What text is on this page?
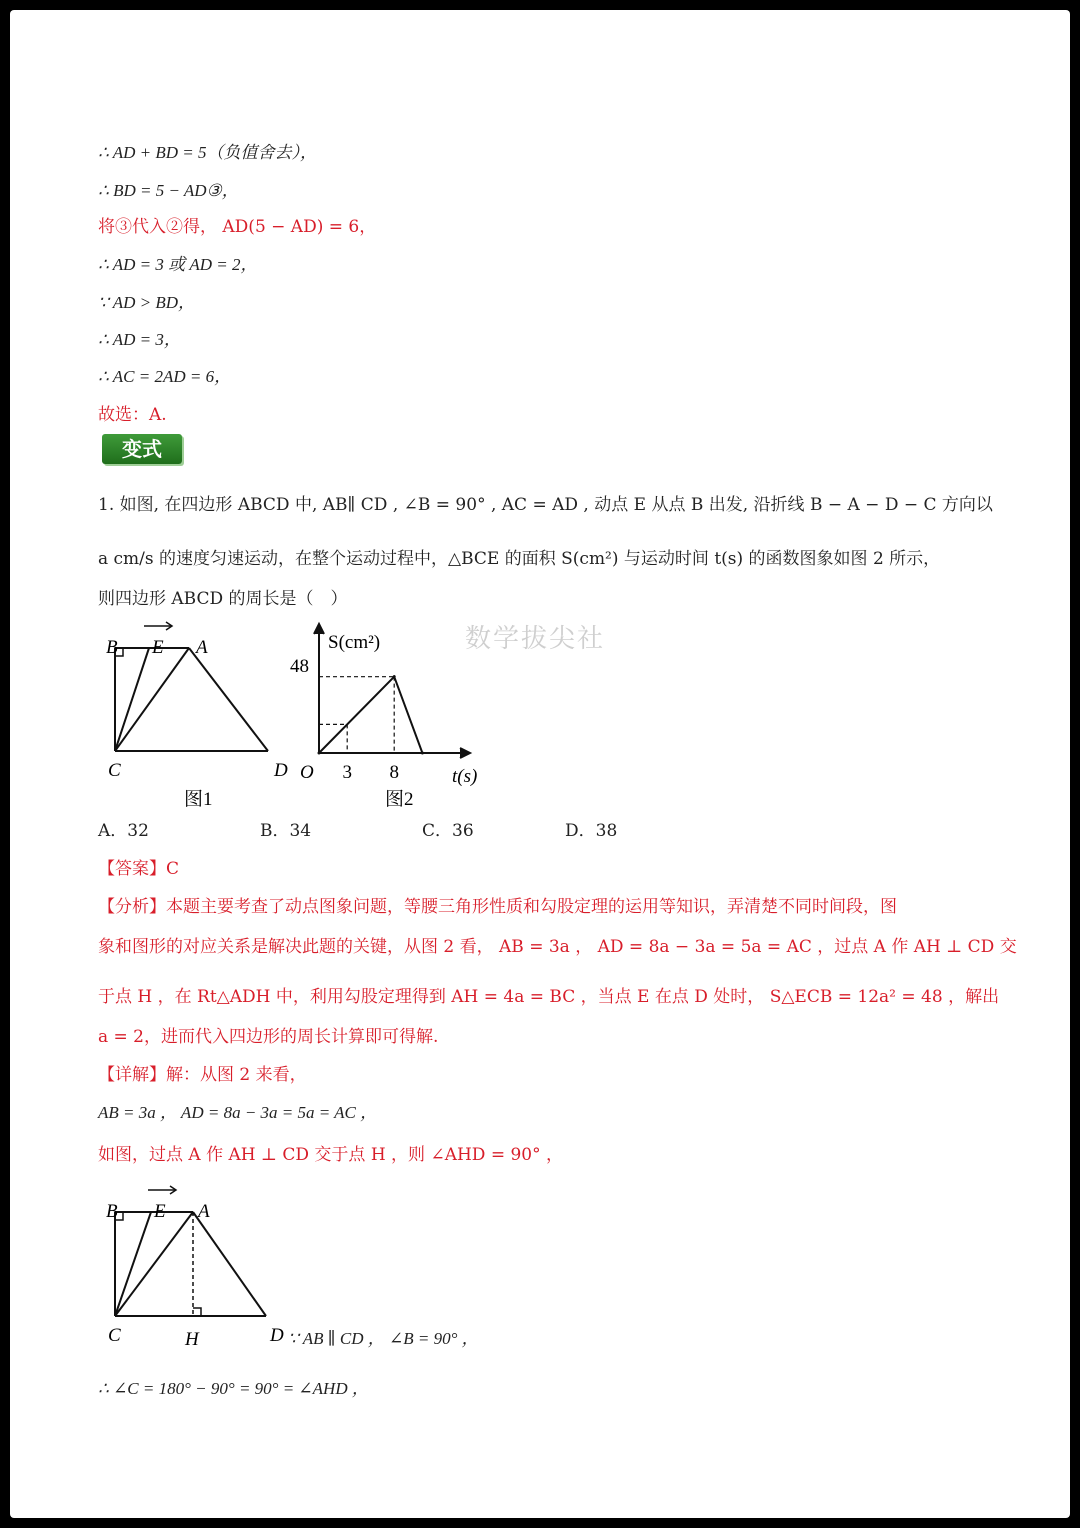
∴ AD + BD = 5（负值舍去），
∴ BD = 5 − AD③，
将③代入②得， AD(5 − AD) = 6，
∴ AD = 3 或 AD = 2，
∵ AD > BD，
∴ AD = 3，
∴ AC = 2AD = 6，
故选：A.
变式
1. 如图, 在四边形 ABCD 中, AB∥ CD , ∠B = 90° , AC = AD , 动点 E 从点 B 出发, 沿折线 B − A − D − C 方向以
a cm/s 的速度匀速运动，在整个运动过程中，△BCE 的面积 S(cm²) 与运动时间 t(s) 的函数图象如图 2 所示，
则四边形 ABCD 的周长是（　）
B E A
C	D
图1
S(cm²)
t(s)
O
48
3 8
图2
数学拔尖社
A．32	B．34	C．36	D．38
【答案】C
【分析】本题主要考查了动点图象问题，等腰三角形性质和勾股定理的运用等知识，弄清楚不同时间段，图
象和图形的对应关系是解决此题的关键，从图 2 看， AB = 3a ， AD = 8a − 3a = 5a = AC ，过点 A 作 AH ⊥ CD 交
于点 H ，在 Rt△ADH 中，利用勾股定理得到 AH = 4a = BC ，当点 E 在点 D 处时， S△ECB = 12a² = 48 ，解出
a = 2，进而代入四边形的周长计算即可得解.
【详解】解：从图 2 来看，
AB = 3a ， AD = 8a − 3a = 5a = AC ，
如图，过点 A 作 AH ⊥ CD 交于点 H ，则 ∠AHD = 90° ，
B E A
C	H	D ∵ AB ∥ CD ， ∠B = 90° ，
∴ ∠C = 180° − 90° = 90° = ∠AHD ，
